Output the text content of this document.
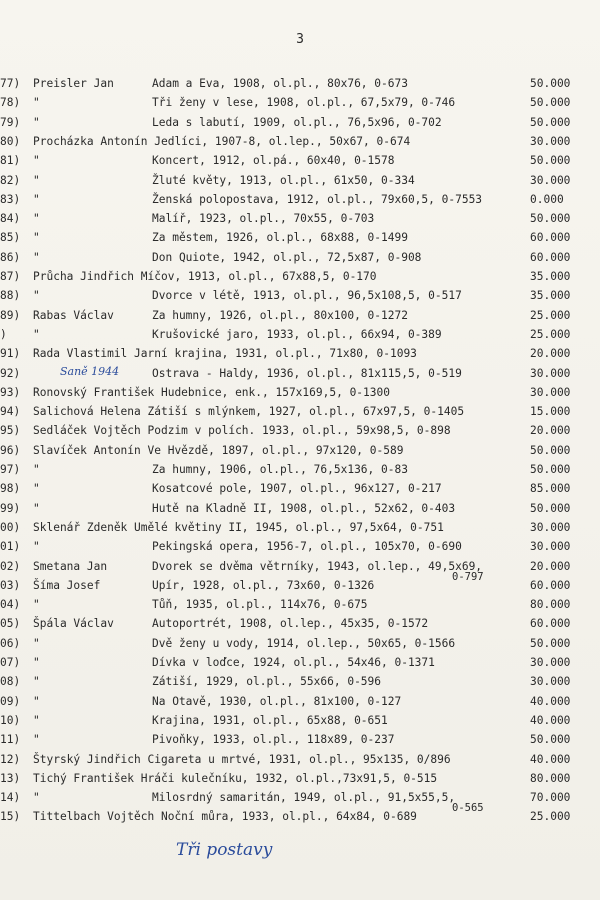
3
77) Preisler Jan	Adam a Eva, 1908, ol.pl., 80x76, 0-673	50.000
78) "	Tři ženy v lese, 1908, ol.pl., 67,5x79, 0-746	50.000
79) "	Leda s labutí, 1909, ol.pl., 76,5x96, 0-702	50.000
80) Procházka Antonín Jedlíci, 1907-8, ol.lep., 50x67, 0-674	30.000
81) "	Koncert, 1912, ol.pá., 60x40, 0-1578	50.000
82) "	Žluté květy, 1913, ol.pl., 61x50, 0-334	30.000
83) "	Ženská polopostava, 1912, ol.pl., 79x60,5, 0-7553	0.000
84) "	Malíř, 1923, ol.pl., 70x55, 0-703	50.000
85) "	Za městem, 1926, ol.pl., 68x88, 0-1499	60.000
86) "	Don Quiote, 1942, ol.pl., 72,5x87, 0-908	60.000
87) Průcha Jindřich Míčov, 1913, ol.pl., 67x88,5, 0-170	35.000
88) "	Dvorce v létě, 1913, ol.pl., 96,5x108,5, 0-517	35.000
89) Rabas Václav	Za humny, 1926, ol.pl., 80x100, 0-1272	25.000
) "	Krušovické jaro, 1933, ol.pl., 66x94, 0-389	25.000
91) Rada Vlastimil Jarní krajina, 1931, ol.pl., 71x80, 0-1093	20.000
92)	Ostrava - Haldy, 1936, ol.pl., 81x115,5, 0-519	30.000
93) Ronovský František Hudebnice, enk., 157x169,5, 0-1300	30.000
94) Salichová Helena Zátiší s mlýnkem, 1927, ol.pl., 67x97,5, 0-1405	15.000
95) Sedláček Vojtěch Podzim v polích. 1933, ol.pl., 59x98,5, 0-898	20.000
96) Slavíček Antonín Ve Hvězdě, 1897, ol.pl., 97x120, 0-589	50.000
97) "	Za humny, 1906, ol.pl., 76,5x136, 0-83	50.000
98) "	Kosatcové pole, 1907, ol.pl., 96x127, 0-217	85.000
99) "	Hutě na Kladně II, 1908, ol.pl., 52x62, 0-403	50.000
00) Sklenář Zdeněk Umělé květiny II, 1945, ol.pl., 97,5x64, 0-751	30.000
01) "	Pekingská opera, 1956-7, ol.pl., 105x70, 0-690	30.000
02) Smetana Jan	Dvorek se dvěma větrníky, 1943, ol.lep., 49,5x69,	20.000
0-797
03) Šíma Josef	Upír, 1928, ol.pl., 73x60, 0-1326	60.000
04) "	Tůň, 1935, ol.pl., 114x76, 0-675	80.000
05) Špála Václav	Autoportrét, 1908, ol.lep., 45x35, 0-1572	60.000
06) "	Dvě ženy u vody, 1914, ol.lep., 50x65, 0-1566	50.000
07) "	Dívka v loďce, 1924, ol.pl., 54x46, 0-1371	30.000
08) "	Zátiší, 1929, ol.pl., 55x66, 0-596	30.000
09) "	Na Otavě, 1930, ol.pl., 81x100, 0-127	40.000
10) "	Krajina, 1931, ol.pl., 65x88, 0-651	40.000
11) "	Pivoňky, 1933, ol.pl., 118x89, 0-237	50.000
12) Štyrský Jindřich Cigareta u mrtvé, 1931, ol.pl., 95x135, 0/896	40.000
13) Tichý František Hráči kulečníku, 1932, ol.pl.,73x91,5, 0-515	80.000
14) "	Milosrdný samaritán, 1949, ol.pl., 91,5x55,5,	70.000
0-565
15) Tittelbach Vojtěch Noční můra, 1933, ol.pl., 64x84, 0-689	25.000
Saně 1944
Tři postavy
